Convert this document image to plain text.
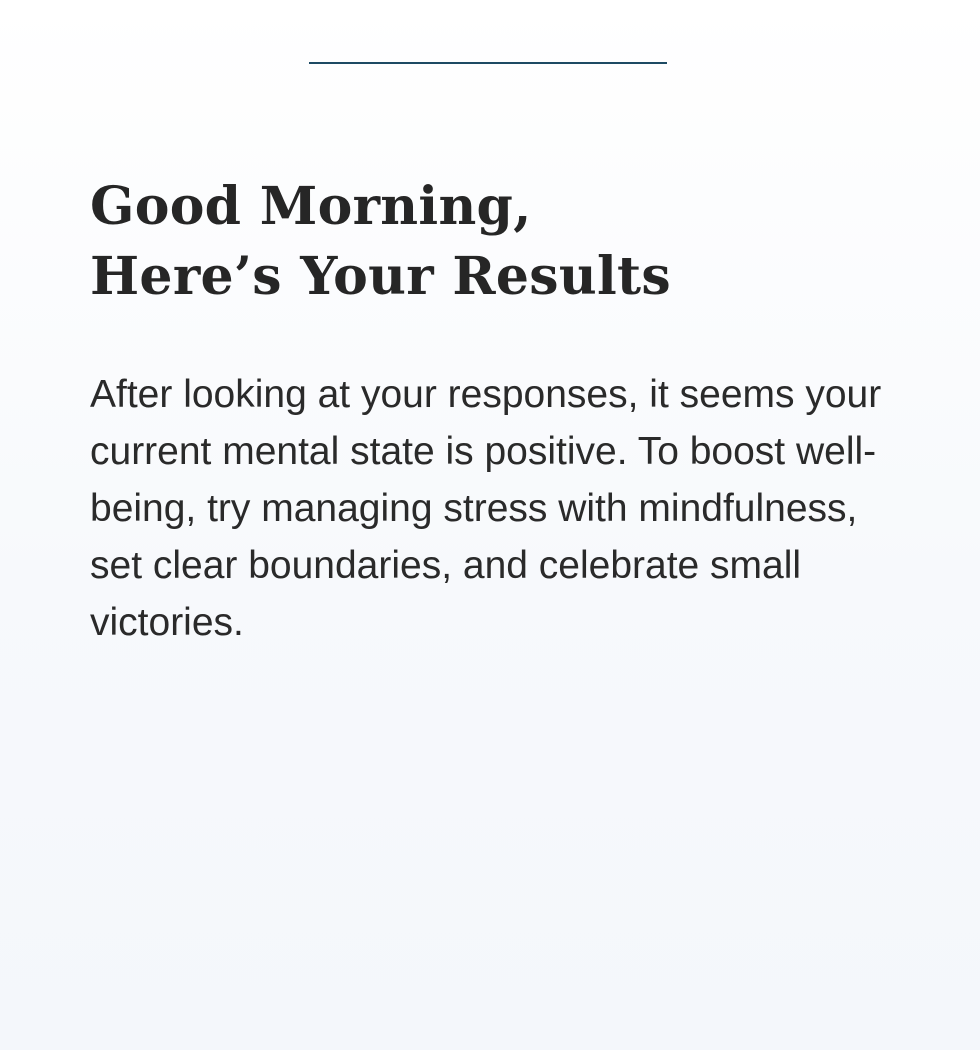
Good Morning,
Here’s Your Results

After looking at your responses, it seems your current mental state is positive. To boost well-being, try managing stress with mindfulness, set clear boundaries, and celebrate small victories.
